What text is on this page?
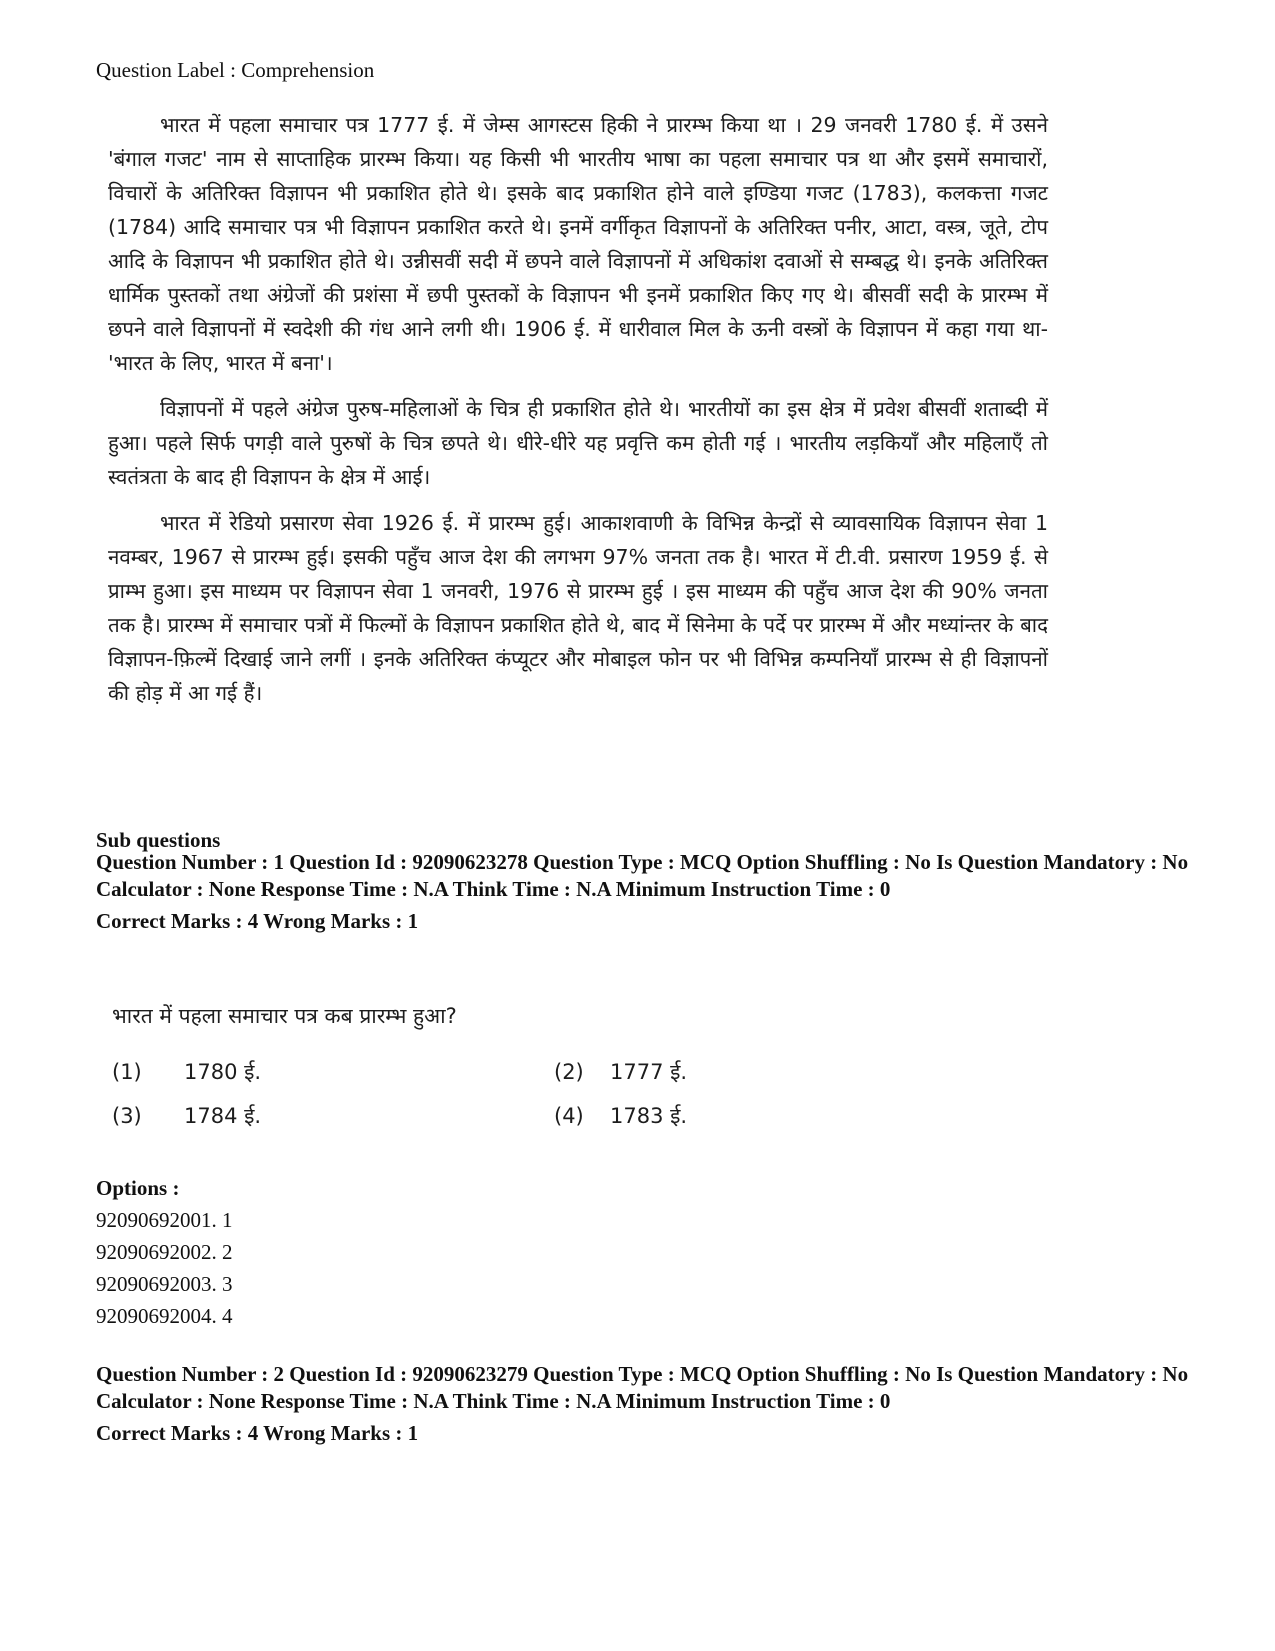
Question Label : Comprehension

भारत में पहला समाचार पत्र 1777 ई. में जेम्स आगस्टस हिकी ने प्रारम्भ किया था । 29 जनवरी 1780 ई. में उसने 'बंगाल गजट' नाम से साप्ताहिक प्रारम्भ किया। यह किसी भी भारतीय भाषा का पहला समाचार पत्र था और इसमें समाचारों, विचारों के अतिरिक्त विज्ञापन भी प्रकाशित होते थे। इसके बाद प्रकाशित होने वाले इण्डिया गजट (1783), कलकत्ता गजट (1784) आदि समाचार पत्र भी विज्ञापन प्रकाशित करते थे। इनमें वर्गीकृत विज्ञापनों के अतिरिक्त पनीर, आटा, वस्त्र, जूते, टोप आदि के विज्ञापन भी प्रकाशित होते थे। उन्नीसवीं सदी में छपने वाले विज्ञापनों में अधिकांश दवाओं से सम्बद्ध थे। इनके अतिरिक्त धार्मिक पुस्तकों तथा अंग्रेजों की प्रशंसा में छपी पुस्तकों के विज्ञापन भी इनमें प्रकाशित किए गए थे। बीसवीं सदी के प्रारम्भ में छपने वाले विज्ञापनों में स्वदेशी की गंध आने लगी थी। 1906 ई. में धारीवाल मिल के ऊनी वस्त्रों के विज्ञापन में कहा गया था- 'भारत के लिए, भारत में बना'।

विज्ञापनों में पहले अंग्रेज पुरुष-महिलाओं के चित्र ही प्रकाशित होते थे। भारतीयों का इस क्षेत्र में प्रवेश बीसवीं शताब्दी में हुआ। पहले सिर्फ पगड़ी वाले पुरुषों के चित्र छपते थे। धीरे-धीरे यह प्रवृत्ति कम होती गई । भारतीय लड़कियाँ और महिलाएँ तो स्वतंत्रता के बाद ही विज्ञापन के क्षेत्र में आई।

भारत में रेडियो प्रसारण सेवा 1926 ई. में प्रारम्भ हुई। आकाशवाणी के विभिन्न केन्द्रों से व्यावसायिक विज्ञापन सेवा 1 नवम्बर, 1967 से प्रारम्भ हुई। इसकी पहुँच आज देश की लगभग 97% जनता तक है। भारत में टी.वी. प्रसारण 1959 ई. से प्राम्भ हुआ। इस माध्यम पर विज्ञापन सेवा 1 जनवरी, 1976 से प्रारम्भ हुई । इस माध्यम की पहुँच आज देश की 90% जनता तक है। प्रारम्भ में समाचार पत्रों में फिल्मों के विज्ञापन प्रकाशित होते थे, बाद में सिनेमा के पर्दे पर प्रारम्भ में और मध्यांन्तर के बाद विज्ञापन-फ़िल्में दिखाई जाने लगीं । इनके अतिरिक्त कंप्यूटर और मोबाइल फोन पर भी विभिन्न कम्पनियाँ प्रारम्भ से ही विज्ञापनों की होड़ में आ गई हैं।

Sub questions
Question Number : 1 Question Id : 92090623278 Question Type : MCQ Option Shuffling : No Is Question Mandatory : No Calculator : None Response Time : N.A Think Time : N.A Minimum Instruction Time : 0
Correct Marks : 4 Wrong Marks : 1
भारत में पहला समाचार पत्र कब प्रारम्भ हुआ?
(1) 1780 ई.	(2) 1777 ई.
(3) 1784 ई.	(4) 1783 ई.
Options :
92090692001. 1
92090692002. 2
92090692003. 3
92090692004. 4
Question Number : 2 Question Id : 92090623279 Question Type : MCQ Option Shuffling : No Is Question Mandatory : No Calculator : None Response Time : N.A Think Time : N.A Minimum Instruction Time : 0
Correct Marks : 4 Wrong Marks : 1
